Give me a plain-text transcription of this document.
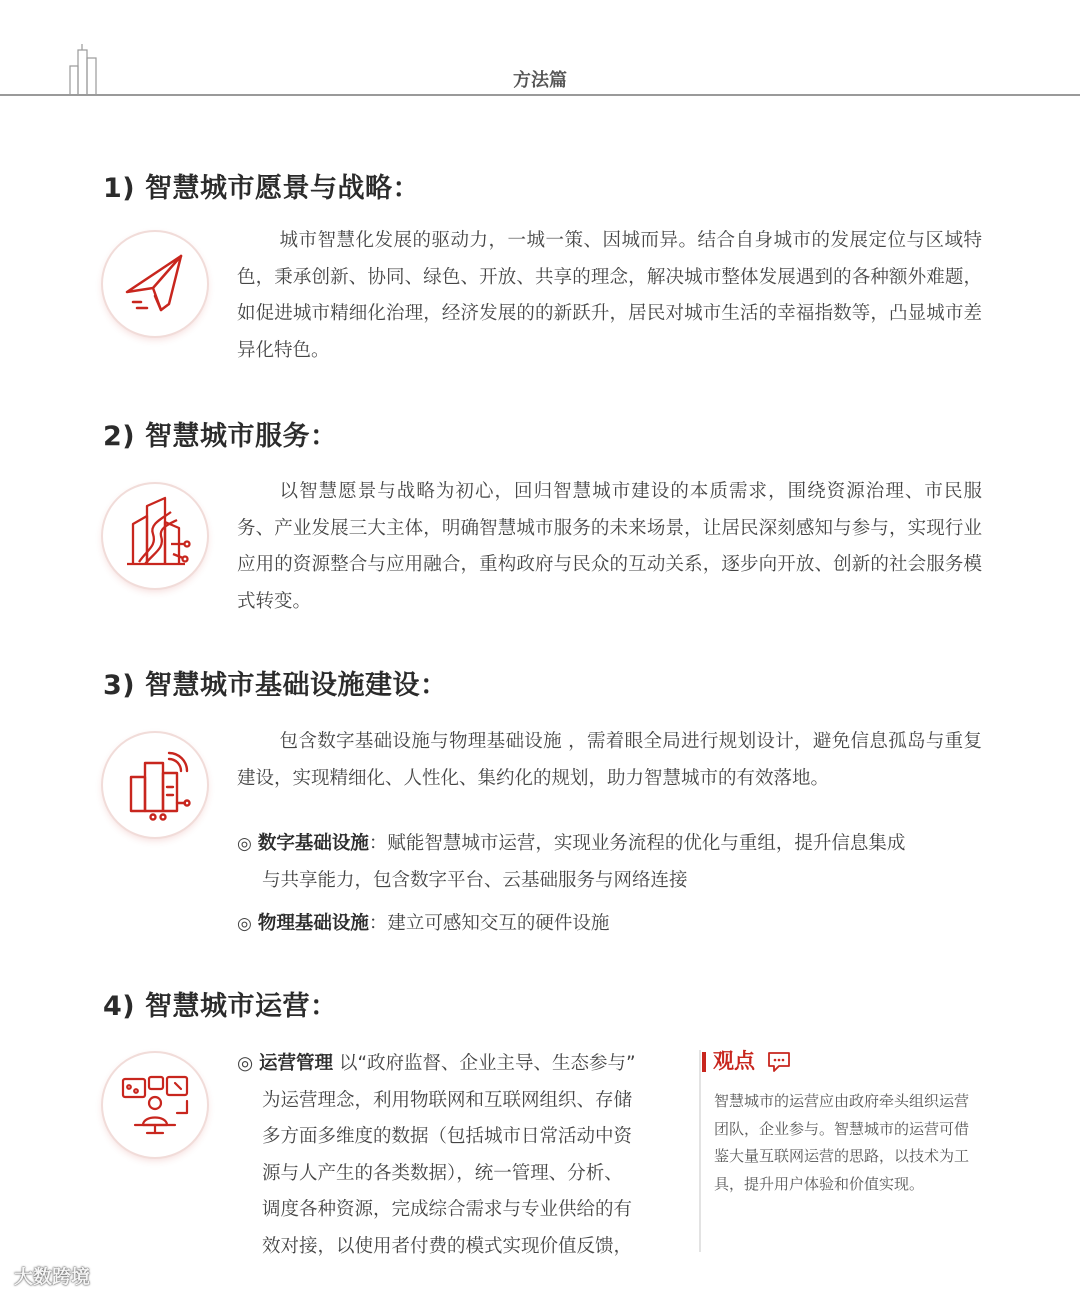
方法篇
1) 智慧城市愿景与战略：

城市智慧化发展的驱动力，一城一策、因城而异。结合自身城市的发展定位与区域特色，秉承创新、协同、绿色、开放、共享的理念，解决城市整体发展遇到的各种额外难题，如促进城市精细化治理，经济发展的的新跃升，居民对城市生活的幸福指数等，凸显城市差异化特色。

2) 智慧城市服务：

以智慧愿景与战略为初心，回归智慧城市建设的本质需求，围绕资源治理、市民服务、产业发展三大主体，明确智慧城市服务的未来场景，让居民深刻感知与参与，实现行业应用的资源整合与应用融合，重构政府与民众的互动关系，逐步向开放、创新的社会服务模式转变。

3) 智慧城市基础设施建设：

包含数字基础设施与物理基础设施 ，需着眼全局进行规划设计，避免信息孤岛与重复建设，实现精细化、人性化、集约化的规划，助力智慧城市的有效落地。

◎ 数字基础设施：赋能智慧城市运营，实现业务流程的优化与重组，提升信息集成
与共享能力，包含数字平台、云基础服务与网络连接

◎ 物理基础设施：建立可感知交互的硬件设施

4) 智慧城市运营：

◎ 运营管理 以“政府监督、企业主导、生态参与”
为运营理念，利用物联网和互联网组织、存储
多方面多维度的数据（包括城市日常活动中资
源与人产生的各类数据），统一管理、分析、
调度各种资源，完成综合需求与专业供给的有
效对接，以使用者付费的模式实现价值反馈，

观点

智慧城市的运营应由政府牵头组织运营团队，企业参与。智慧城市的运营可借鉴大量互联网运营的思路，以技术为工具，提升用户体验和价值实现。

大数跨境
